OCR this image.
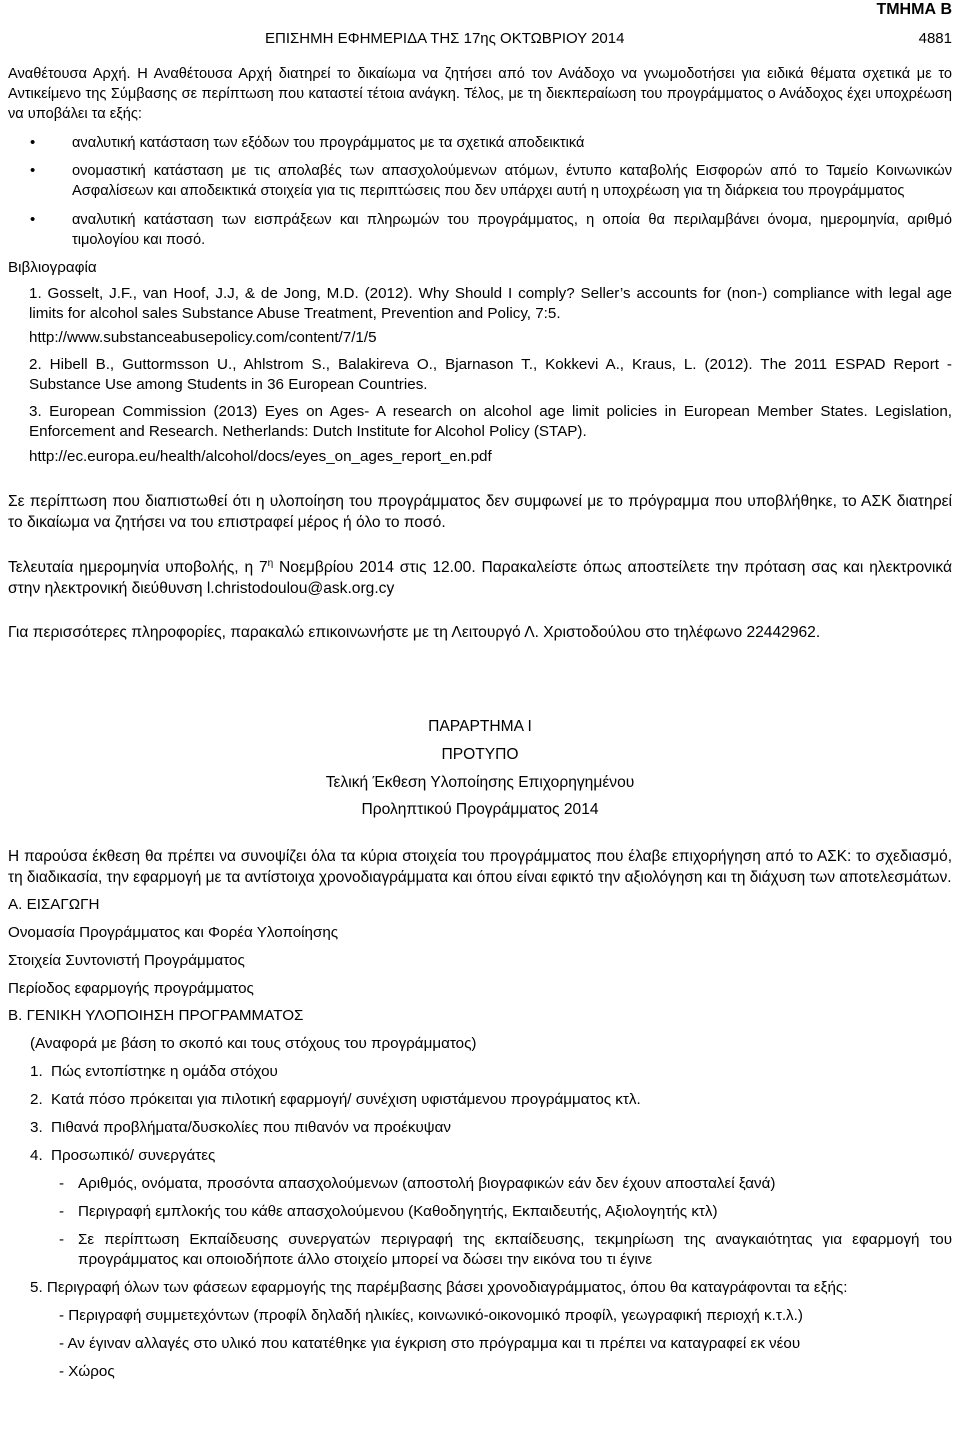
ΤΜΗΜΑ Β
ΕΠΙΣΗΜΗ ΕΦΗΜΕΡΙΔΑ ΤΗΣ 17ης ΟΚΤΩΒΡΙΟΥ 2014	4881
Αναθέτουσα Αρχή. Η Αναθέτουσα Αρχή διατηρεί το δικαίωμα να ζητήσει από τον Ανάδοχο να γνωμοδοτήσει για ειδικά θέματα σχετικά με το Αντικείμενο της Σύμβασης σε περίπτωση που καταστεί τέτοια ανάγκη. Τέλος, με τη διεκπεραίωση του προγράμματος ο Ανάδοχος έχει υποχρέωση να υποβάλει τα εξής:
• αναλυτική κατάσταση των εξόδων του προγράμματος με τα σχετικά αποδεικτικά
• ονομαστική κατάσταση με τις απολαβές των απασχολούμενων ατόμων, έντυπο καταβολής Εισφορών από το Ταμείο Κοινωνικών Ασφαλίσεων και αποδεικτικά στοιχεία για τις περιπτώσεις που δεν υπάρχει αυτή η υποχρέωση για τη διάρκεια του προγράμματος
• αναλυτική κατάσταση των εισπράξεων και πληρωμών του προγράμματος, η οποία θα περιλαμβάνει όνομα, ημερομηνία, αριθμό τιμολογίου και ποσό.
Βιβλιογραφία
1. Gosselt, J.F., van Hoof, J.J, & de Jong, M.D. (2012). Why Should I comply? Seller’s accounts for (non-) compliance with legal age limits for alcohol sales Substance Abuse Treatment, Prevention and Policy, 7:5.
http://www.substanceabusepolicy.com/content/7/1/5
2. Hibell B., Guttormsson U., Ahlstrom S., Balakireva O., Bjarnason T., Kokkevi A., Kraus, L. (2012). The 2011 ESPAD Report - Substance Use among Students in 36 European Countries.
3. European Commission (2013) Eyes on Ages- A research on alcohol age limit policies in European Member States. Legislation, Enforcement and Research. Netherlands: Dutch Institute for Alcohol Policy (STAP).
http://ec.europa.eu/health/alcohol/docs/eyes_on_ages_report_en.pdf
Σε περίπτωση που διαπιστωθεί ότι η υλοποίηση του προγράμματος δεν συμφωνεί με το πρόγραμμα που υποβλήθηκε, το ΑΣΚ διατηρεί το δικαίωμα να ζητήσει να του επιστραφεί μέρος ή όλο το ποσό.
Τελευταία ημερομηνία υποβολής, η $7^\eta$ Νοεμβρίου 2014 στις 12.00. Παρακαλείστε όπως αποστείλετε την πρόταση σας και ηλεκτρονικά στην ηλεκτρονική διεύθυνση l.christodoulou@ask.org.cy
Για περισσότερες πληροφορίες, παρακαλώ επικοινωνήστε με τη Λειτουργό Λ. Χριστοδούλου στο τηλέφωνο 22442962.
ΠΑΡΑΡΤΗΜΑ Ι
ΠΡΟΤΥΠΟ
Τελική Έκθεση Υλοποίησης Επιχορηγημένου
Προληπτικού Προγράμματος 2014
Η παρούσα έκθεση θα πρέπει να συνοψίζει όλα τα κύρια στοιχεία του προγράμματος που έλαβε επιχορήγηση από το ΑΣΚ: το σχεδιασμό, τη διαδικασία, την εφαρμογή με τα αντίστοιχα χρονοδιαγράμματα και όπου είναι εφικτό την αξιολόγηση και τη διάχυση των αποτελεσμάτων.
Α. ΕΙΣΑΓΩΓΗ
Ονομασία Προγράμματος και Φορέα Υλοποίησης
Στοιχεία Συντονιστή Προγράμματος
Περίοδος εφαρμογής προγράμματος
Β. ΓΕΝΙΚΗ ΥΛΟΠΟΙΗΣΗ ΠΡΟΓΡΑΜΜΑΤΟΣ
(Αναφορά με βάση το σκοπό και τους στόχους του προγράμματος)
1. Πώς εντοπίστηκε η ομάδα στόχου
2. Κατά πόσο πρόκειται για πιλοτική εφαρμογή/ συνέχιση υφιστάμενου προγράμματος κτλ.
3. Πιθανά προβλήματα/δυσκολίες που πιθανόν να προέκυψαν
4. Προσωπικό/ συνεργάτες
- Αριθμός, ονόματα, προσόντα απασχολούμενων (αποστολή βιογραφικών εάν δεν έχουν αποσταλεί ξανά)
- Περιγραφή εμπλοκής του κάθε απασχολούμενου (Καθοδηγητής, Εκπαιδευτής, Αξιολογητής κτλ)
- Σε περίπτωση Εκπαίδευσης συνεργατών περιγραφή της εκπαίδευσης, τεκμηρίωση της αναγκαιότητας για εφαρμογή του προγράμματος και οποιοδήποτε άλλο στοιχείο μπορεί να δώσει την εικόνα του τι έγινε
5. Περιγραφή όλων των φάσεων εφαρμογής της παρέμβασης βάσει χρονοδιαγράμματος, όπου θα καταγράφονται τα εξής:
- Περιγραφή συμμετεχόντων (προφίλ δηλαδή ηλικίες, κοινωνικό-οικονομικό προφίλ, γεωγραφική περιοχή κ.τ.λ.)
- Αν έγιναν αλλαγές στο υλικό που κατατέθηκε για έγκριση στο πρόγραμμα και τι πρέπει να καταγραφεί εκ νέου
- Χώρος
